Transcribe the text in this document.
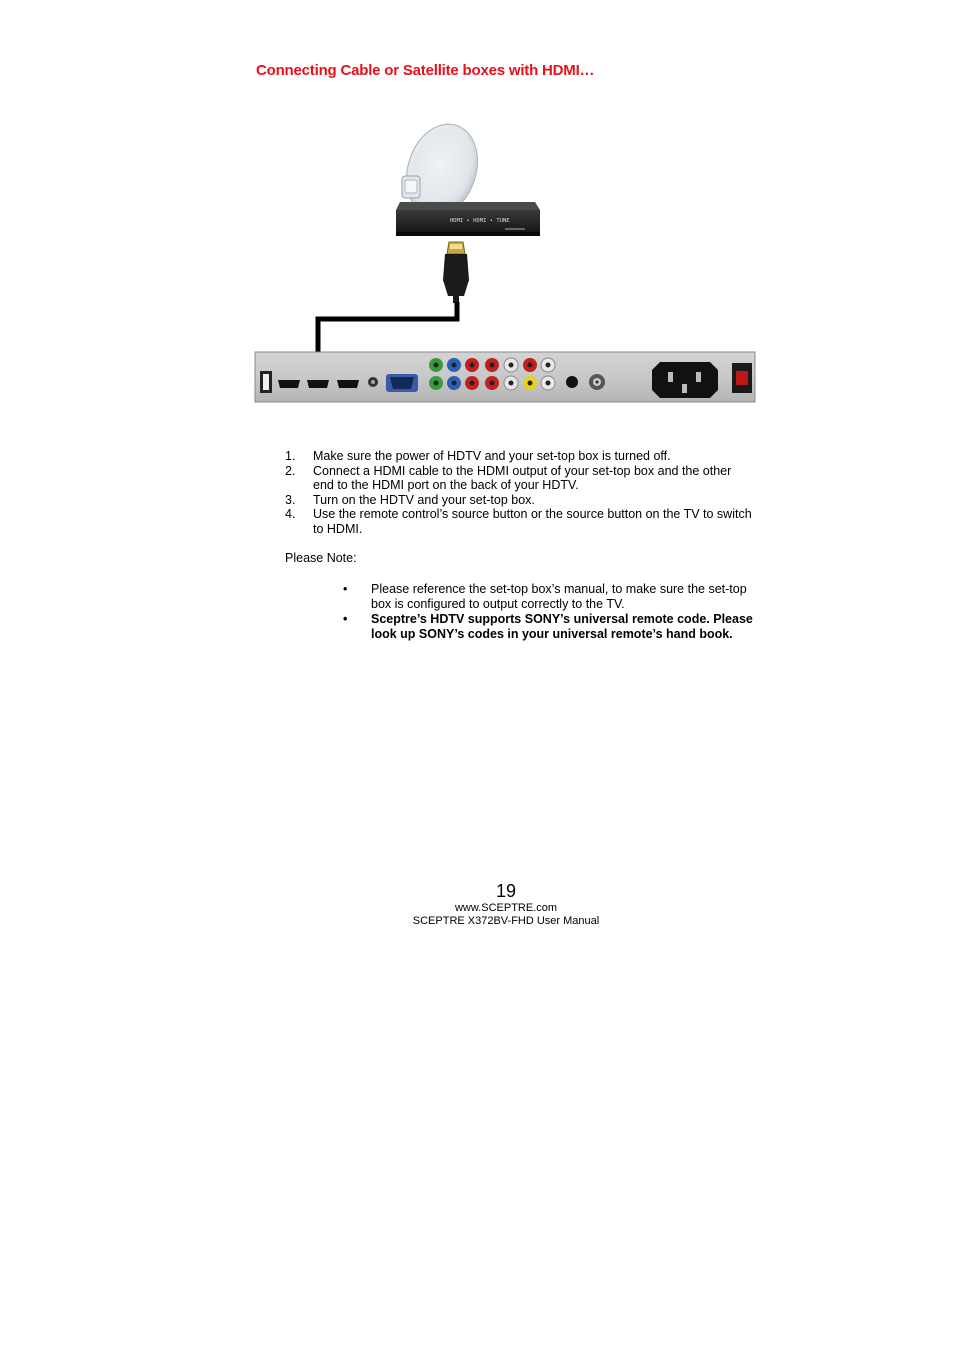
Connecting Cable or Satellite boxes with HDMI…
HDMI • HDMI • TUNE
1. Make sure the power of HDTV and your set-top box is turned off.
2. Connect a HDMI cable to the HDMI output of your set-top box and the other end to the HDMI port on the back of your HDTV.
3. Turn on the HDTV and your set-top box.
4. Use the remote control’s source button or the source button on the TV to switch to HDMI.

Please Note:

• Please reference the set-top box’s manual, to make sure the set-top box is configured to output correctly to the TV.
• Sceptre’s HDTV supports SONY’s universal remote code. Please look up SONY’s codes in your universal remote’s hand book.
19
www.SCEPTRE.com
SCEPTRE X372BV-FHD User Manual
